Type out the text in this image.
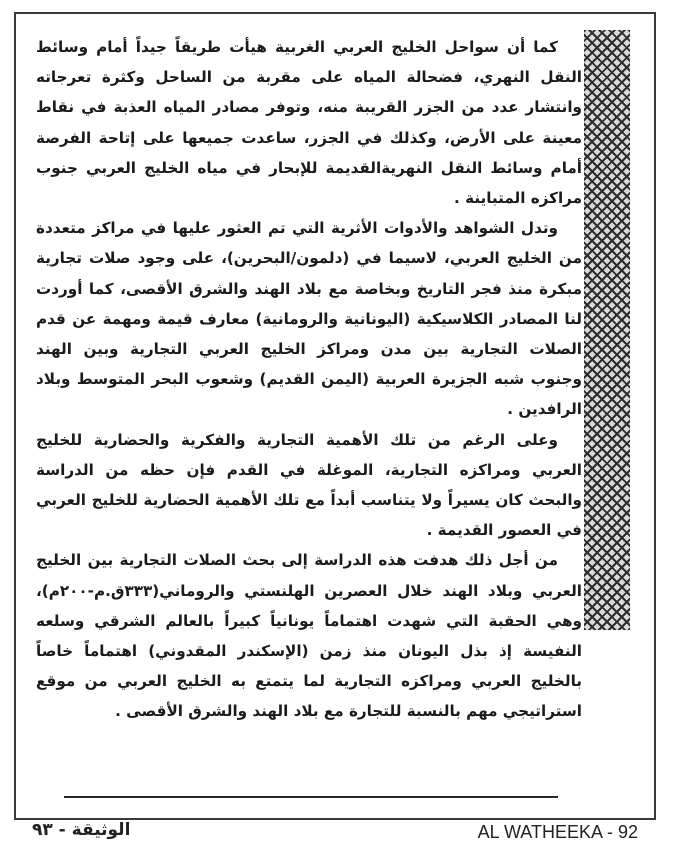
كما أن سواحل الخليج العربي الغربية هيأت طريقاً جيداً أمام وسائط النقل النهري، فضحالة المياه على مقربة من الساحل وكثرة تعرجاته وانتشار عدد من الجزر القريبة منه، وتوفر مصادر المياه العذبة في نقاط معينة على الأرض، وكذلك في الجزر، ساعدت جميعها على إتاحة الفرصة أمام وسائط النقل النهريةالقديمة للإبحار في مياه الخليج العربي جنوب مراكزه المتباينة .

وتدل الشواهد والأدوات الأثرية التي تم العثور عليها في مراكز متعددة من الخليج العربي، لاسيما في (دلمون/البحرين)، على وجود صلات تجارية مبكرة منذ فجر التاريخ وبخاصة مع بلاد الهند والشرق الأقصى، كما أوردت لنا المصادر الكلاسيكية (اليونانية والرومانية) معارف قيمة ومهمة عن قدم الصلات التجارية بين مدن ومراكز الخليج العربي التجارية وبين الهند وجنوب شبه الجزيرة العربية (اليمن القديم) وشعوب البحر المتوسط وبلاد الرافدين .

وعلى الرغم من تلك الأهمية التجارية والفكرية والحضارية للخليج العربي ومراكزه التجارية، الموغلة في القدم فإن حظه من الدراسة والبحث كان يسيراً ولا يتناسب أبداً مع تلك الأهمية الحضارية للخليج العربي في العصور القديمة .

من أجل ذلك هدفت هذه الدراسة إلى بحث الصلات التجارية بين الخليج العربي وبلاد الهند خلال العصرين الهلنستي والروماني(٣٣٣ق.م-٢٠٠م)، وهي الحقبة التي شهدت اهتماماً يونانياً كبيراً بالعالم الشرقي وسلعه النفيسة إذ بذل اليونان منذ زمن (الإسكندر المقدوني) اهتماماً خاصاً بالخليج العربي ومراكزه التجارية لما يتمتع به الخليج العربي من موقع استراتيجي مهم بالنسبة للتجارة مع بلاد الهند والشرق الأقصى .

AL WATHEEKA - 92
الوثيقة - ٩٣
